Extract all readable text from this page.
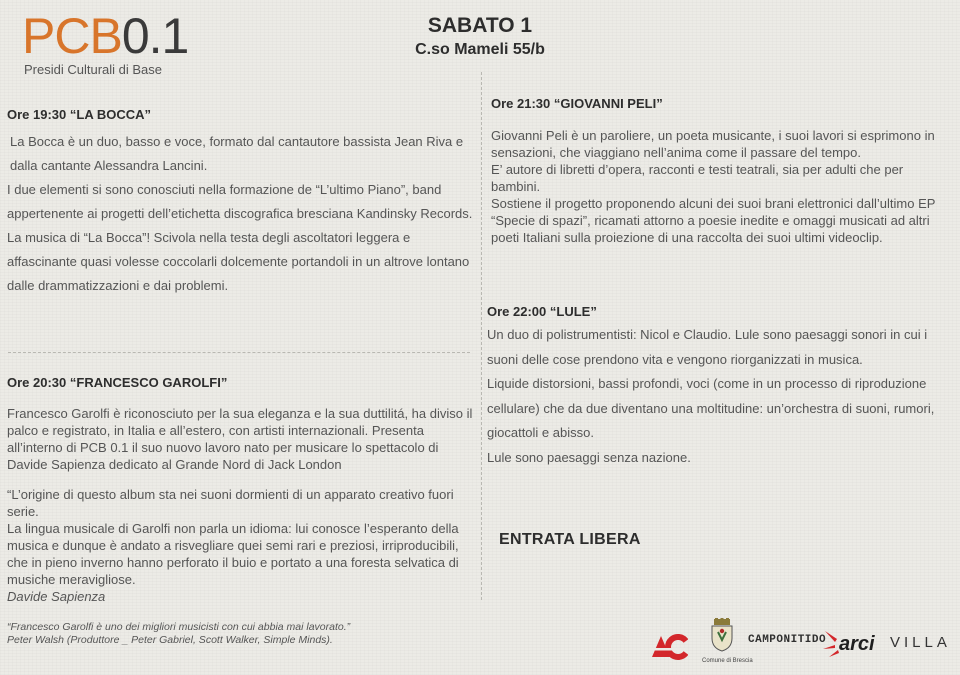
PCB0.1
Presidi Culturali di Base
SABATO 1
C.so Mameli 55/b
Ore 19:30 “LA BOCCA”

La Bocca è un duo, basso e voce, formato dal cantautore bassista Jean Riva e dalla cantante Alessandra Lancini.

I due elementi si sono conosciuti nella formazione de “L’ultimo Piano”, band appertenente ai progetti dell’etichetta discografica bresciana Kandinsky Records.

La musica di “La Bocca”! Scivola nella testa degli ascoltatori leggera e affascinante quasi volesse coccolarli dolcemente portandoli in un altrove lontano dalle drammatizzazioni e dai problemi.

Ore 20:30 “FRANCESCO GAROLFI”

Francesco Garolfi è riconosciuto per la sua eleganza e la sua duttilitá, ha diviso il palco e registrato, in Italia e all’estero, con artisti internazionali. Presenta all’interno di PCB 0.1 il suo nuovo lavoro nato per musicare lo spettacolo di Davide Sapienza dedicato al Grande Nord di Jack London

“L’origine di questo album sta nei suoni dormienti di un apparato creativo fuori serie.

La lingua musicale di Garolfi non parla un idioma: lui conosce l’esperanto della musica e dunque è andato a risvegliare quei semi rari e preziosi, irriproducibili, che in pieno inverno hanno perforato il buio e portato a una foresta selvatica di musiche meravigliose.

Davide Sapienza

“Francesco Garolfi è uno dei migliori musicisti con cui abbia mai lavorato.”

Peter Walsh (Produttore _ Peter Gabriel, Scott Walker, Simple Minds).

Ore 21:30 “GIOVANNI PELI”

Giovanni Peli è un paroliere, un poeta musicante, i suoi lavori si esprimono in sensazioni, che viaggiano nell’anima come il passare del tempo.

E’ autore di libretti d’opera, racconti e testi teatrali, sia per adulti che per bambini.

Sostiene il progetto proponendo alcuni dei suoi brani elettronici dall’ultimo EP “Specie di spazi”, ricamati attorno a poesie inedite e omaggi musicati ad altri poeti Italiani sulla proiezione di una raccolta dei suoi ultimi videoclip.

Ore 22:00 “LULE”

Un duo di polistrumentisti: Nicol e Claudio. Lule sono paesaggi sonori in cui i suoni delle cose prendono vita e vengono riorganizzati in musica.

Liquide distorsioni, bassi profondi, voci (come in un processo di riproduzione cellulare) che da due diventano una moltitudine: un’orchestra di suoni, rumori, giocattoli e abisso.

Lule sono paesaggi senza nazione.

ENTRATA LIBERA
Comune di Brescia
CAMPONITIDO arci VILLA
